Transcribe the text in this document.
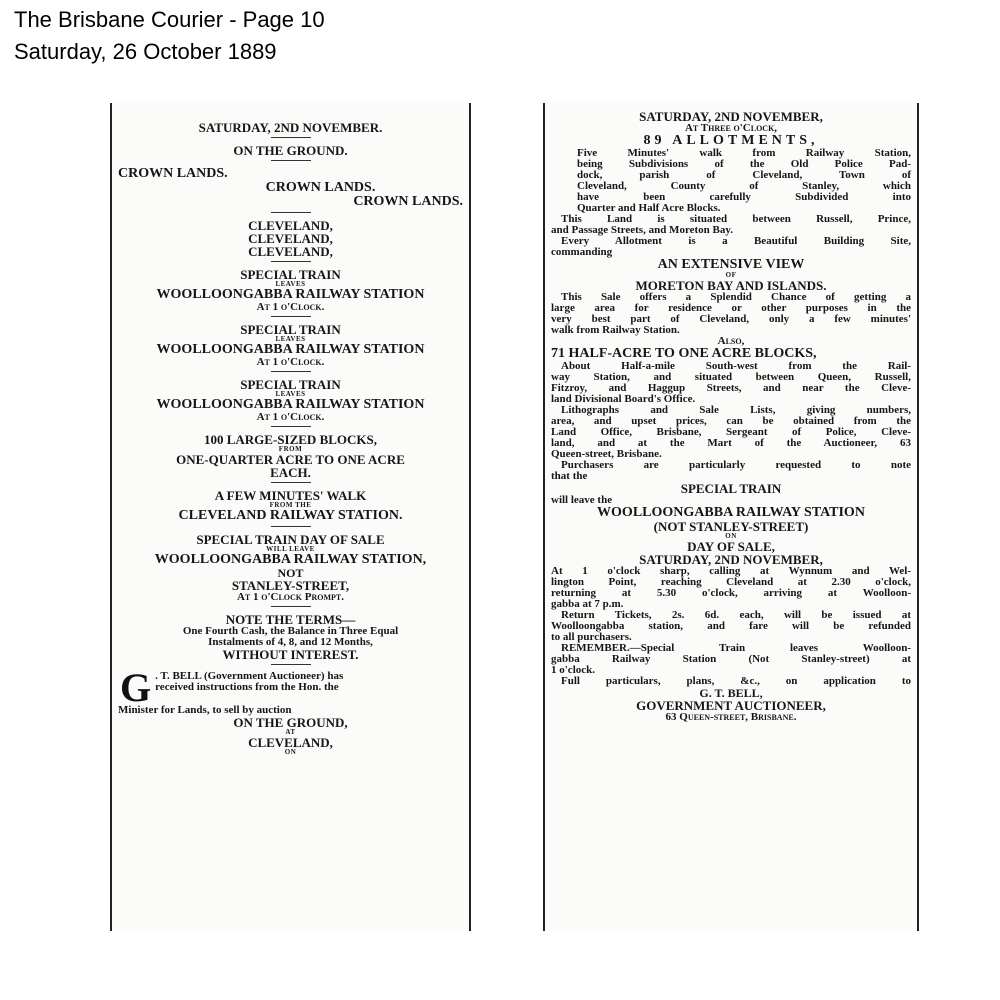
The Brisbane Courier - Page 10
Saturday, 26 October 1889
SATURDAY, 2ND NOVEMBER.
ON THE GROUND.
CROWN LANDS.
CROWN LANDS.
CROWN LANDS.
CLEVELAND,
CLEVELAND,
CLEVELAND,
SPECIAL TRAIN
LEAVES
WOOLLOONGABBA RAILWAY STATION
At 1 o'Clock.
SPECIAL TRAIN
LEAVES
WOOLLOONGABBA RAILWAY STATION
At 1 o'Clock.
SPECIAL TRAIN
LEAVES
WOOLLOONGABBA RAILWAY STATION
At 1 o'Clock.
100 LARGE-SIZED BLOCKS,
FROM
ONE-QUARTER ACRE TO ONE ACRE
EACH.
A FEW MINUTES' WALK
FROM THE
CLEVELAND RAILWAY STATION.
SPECIAL TRAIN DAY OF SALE
WILL LEAVE
WOOLLOONGABBA RAILWAY STATION,
NOT
STANLEY-STREET,
At 1 o'Clock Prompt.
NOTE THE TERMS—
One Fourth Cash, the Balance in Three Equal
Instalments of 4, 8, and 12 Months,
WITHOUT INTEREST.
G . T. BELL (Government Auctioneer) has
received instructions from the Hon. the
Minister for Lands, to sell by auction
ON THE GROUND,
AT
CLEVELAND,
ON
SATURDAY, 2ND NOVEMBER,
At Three o'Clock,
89 ALLOTMENTS,
Five Minutes' walk from Railway Station,
being Subdivisions of the Old Police Pad-
dock, parish of Cleveland, Town of
Cleveland, County of Stanley, which
have been carefully Subdivided into
Quarter and Half Acre Blocks.
This Land is situated between Russell, Prince,
and Passage Streets, and Moreton Bay.
Every Allotment is a Beautiful Building Site,
commanding
AN EXTENSIVE VIEW
OF
MORETON BAY AND ISLANDS.
This Sale offers a Splendid Chance of getting a
large area for residence or other purposes in the
very best part of Cleveland, only a few minutes'
walk from Railway Station.
Also,
71 HALF-ACRE TO ONE ACRE BLOCKS,
About Half-a-mile South-west from the Rail-
way Station, and situated between Queen, Russell,
Fitzroy, and Haggup Streets, and near the Cleve-
land Divisional Board's Office.
Lithographs and Sale Lists, giving numbers,
area, and upset prices, can be obtained from the
Land Office, Brisbane, Sergeant of Police, Cleve-
land, and at the Mart of the Auctioneer, 63
Queen-street, Brisbane.
Purchasers are particularly requested to note
that the
SPECIAL TRAIN
will leave the
WOOLLOONGABBA RAILWAY STATION
(NOT STANLEY-STREET)
ON
DAY OF SALE,
SATURDAY, 2ND NOVEMBER,
At 1 o'clock sharp, calling at Wynnum and Wel-
lington Point, reaching Cleveland at 2.30 o'clock,
returning at 5.30 o'clock, arriving at Woolloon-
gabba at 7 p.m.
Return Tickets, 2s. 6d. each, will be issued at
Woolloongabba station, and fare will be refunded
to all purchasers.
REMEMBER.—Special Train leaves Woolloon-
gabba Railway Station (Not Stanley-street) at
1 o'clock.
Full particulars, plans, &c., on application to
G. T. BELL,
GOVERNMENT AUCTIONEER,
63 Queen-street, Brisbane.
